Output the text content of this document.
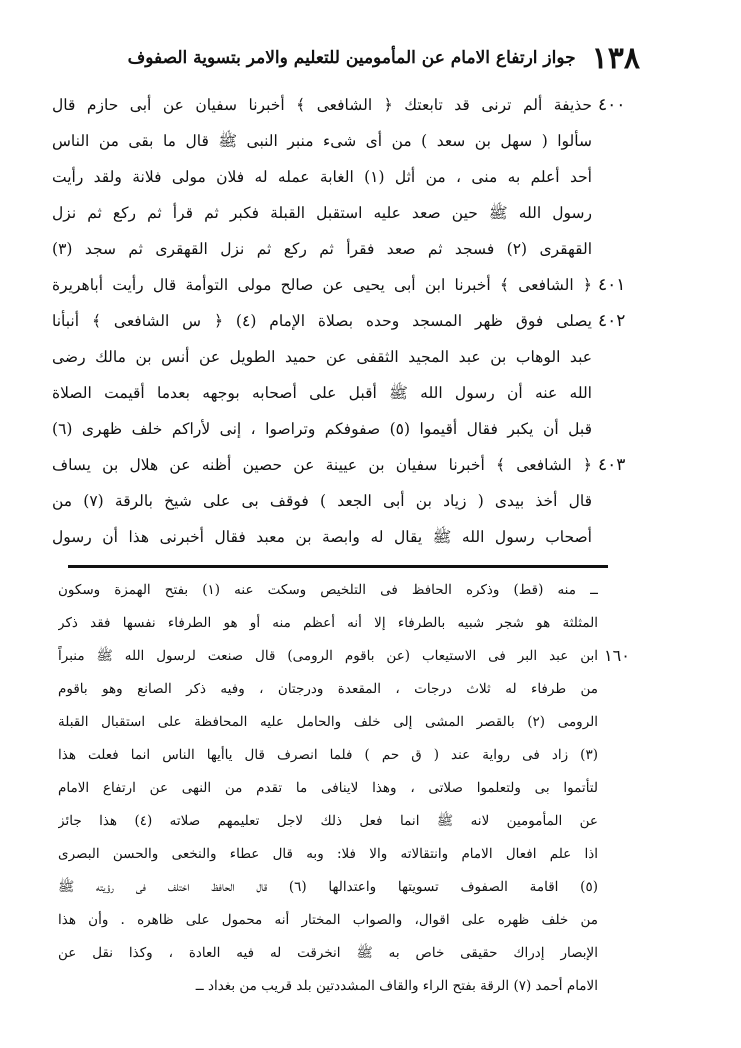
١٣٨
جواز ارتفاع الامام عن المأمومين للتعليم والامر بتسوية الصفوف
٤٠٠
حذيفة ألم ترنى قد تابعتك ﴿ الشافعى ﴾ أخبرنا سفيان عن أبى حازم قال
سألوا ( سهل بن سعد ) من أى شىء منبر النبى ﷺ قال ما بقى من الناس
أحد أعلم به منى ، من أثل (١) الغابة عمله له فلان مولى فلانة ولقد رأيت
رسول الله ﷺ حين صعد عليه استقبل القبلة فكبر ثم قرأ ثم ركع ثم نزل
القهقرى (٢) فسجد ثم صعد فقرأ ثم ركع ثم نزل القهقرى ثم سجد (٣)
٤٠١
﴿ الشافعى ﴾ أخبرنا ابن أبى يحيى عن صالح مولى التوأمة قال رأيت أباهريرة
٤٠٢
يصلى فوق ظهر المسجد وحده بصلاة الإمام (٤) ﴿ س الشافعى ﴾ أنبأنا
عبد الوهاب بن عبد المجيد الثقفى عن حميد الطويل عن أنس بن مالك رضى
الله عنه أن رسول الله ﷺ أقبل على أصحابه بوجهه بعدما أقيمت الصلاة
قبل أن يكبر فقال أقيموا (٥) صفوفكم وتراصوا ، إنى لأراكم خلف ظهرى (٦)
٤٠٣
﴿ الشافعى ﴾ أخبرنا سفيان بن عيينة عن حصين أظنه عن هلال بن يساف
قال أخذ بيدى ( زياد بن أبى الجعد ) فوقف بى على شيخ بالرقة (٧) من
أصحاب رسول الله ﷺ يقال له وابصة بن معبد فقال أخبرنى هذا أن رسول
ــ منه (قط) وذكره الحافظ فى التلخيص وسكت عنه (١) بفتح الهمزة وسكون
المثلثة هو شجر شبيه بالطرفاء إلا أنه أعظم منه أو هو الطرفاء نفسها فقد ذكر
١٦٠
ابن عبد البر فى الاستيعاب (عن باقوم الرومى) قال صنعت لرسول الله ﷺ منبراً
من طرفاء له ثلاث درجات ، المقعدة ودرجتان ، وفيه ذكر الصانع وهو باقوم
الرومى (٢) بالقصر المشى إلى خلف والحامل عليه المحافظة على استقبال القبلة
(٣) زاد فى رواية عند ( ق حم ) فلما انصرف قال ياأيها الناس انما فعلت هذا
لتأتموا بى ولتعلموا صلاتى ، وهذا لاينافى ما تقدم من النهى عن ارتفاع الامام
عن المأمومين لانه ﷺ انما فعل ذلك لاجل تعليمهم صلاته (٤) هذا جائز
اذا علم افعال الامام وانتقالاته والا فلا: وبه قال عطاء والنخعى والحسن البصرى
(٥) اقامة الصفوف تسويتها واعتدالها (٦) قال الحافظ اختلف فى رؤيته ﷺ
من خلف ظهره على اقوال، والصواب المختار أنه محمول على ظاهره . وأن هذا
الإبصار إدراك حقيقى خاص به ﷺ انخرقت له فيه العادة ، وكذا نقل عن
الامام أحمد (٧) الرقة بفتح الراء والقاف المشددتين بلد قريب من بغداد ــ
